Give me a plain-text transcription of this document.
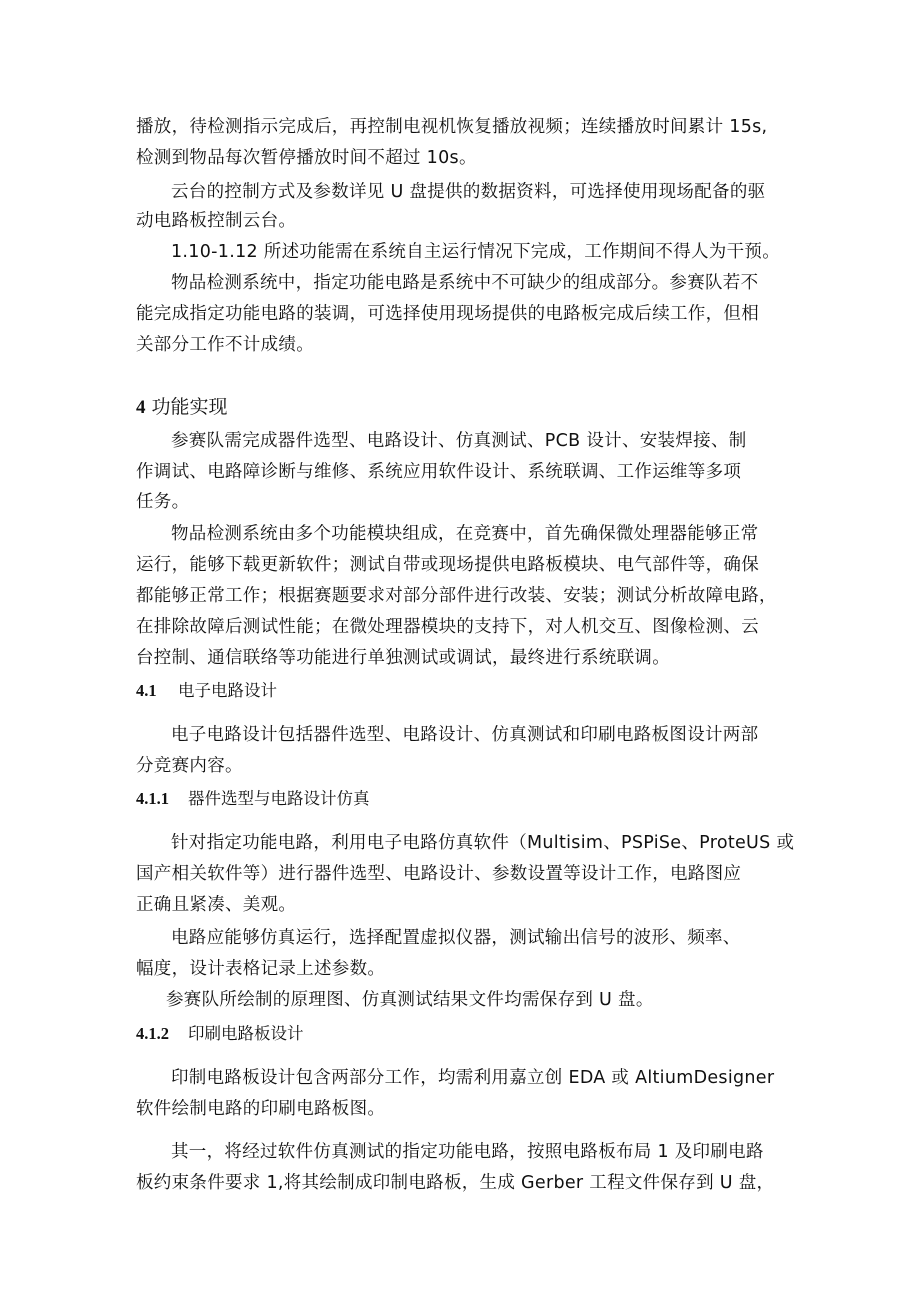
播放，待检测指示完成后，再控制电视机恢复播放视频；连续播放时间累计 15s,
检测到物品每次暂停播放时间不超过 10s。
云台的控制方式及参数详见 U 盘提供的数据资料，可选择使用现场配备的驱
动电路板控制云台。
1.10-1.12 所述功能需在系统自主运行情况下完成，工作期间不得人为干预。
物品检测系统中，指定功能电路是系统中不可缺少的组成部分。参赛队若不
能完成指定功能电路的装调，可选择使用现场提供的电路板完成后续工作，但相
关部分工作不计成绩。
4 功能实现
参赛队需完成器件选型、电路设计、仿真测试、PCB 设计、安装焊接、制
作调试、电路障诊断与维修、系统应用软件设计、系统联调、工作运维等多项
任务。
物品检测系统由多个功能模块组成，在竞赛中，首先确保微处理器能够正常
运行，能够下载更新软件；测试自带或现场提供电路板模块、电气部件等，确保
都能够正常工作；根据赛题要求对部分部件进行改装、安装；测试分析故障电路，
在排除故障后测试性能；在微处理器模块的支持下，对人机交互、图像检测、云
台控制、通信联络等功能进行单独测试或调试，最终进行系统联调。
4.1 电子电路设计
电子电路设计包括器件选型、电路设计、仿真测试和印刷电路板图设计两部
分竞赛内容。
4.1.1 器件选型与电路设计仿真
针对指定功能电路，利用电子电路仿真软件（Multisim、PSPiSe、ProteUS 或
国产相关软件等）进行器件选型、电路设计、参数设置等设计工作，电路图应
正确且紧凑、美观。
电路应能够仿真运行，选择配置虚拟仪器，测试输出信号的波形、频率、
幅度，设计表格记录上述参数。
参赛队所绘制的原理图、仿真测试结果文件均需保存到 U 盘。
4.1.2 印刷电路板设计
印制电路板设计包含两部分工作，均需利用嘉立创 EDA 或 AltiumDesigner
软件绘制电路的印刷电路板图。
其一，将经过软件仿真测试的指定功能电路，按照电路板布局 1 及印刷电路
板约束条件要求 1,将其绘制成印制电路板，生成 Gerber 工程文件保存到 U 盘，
